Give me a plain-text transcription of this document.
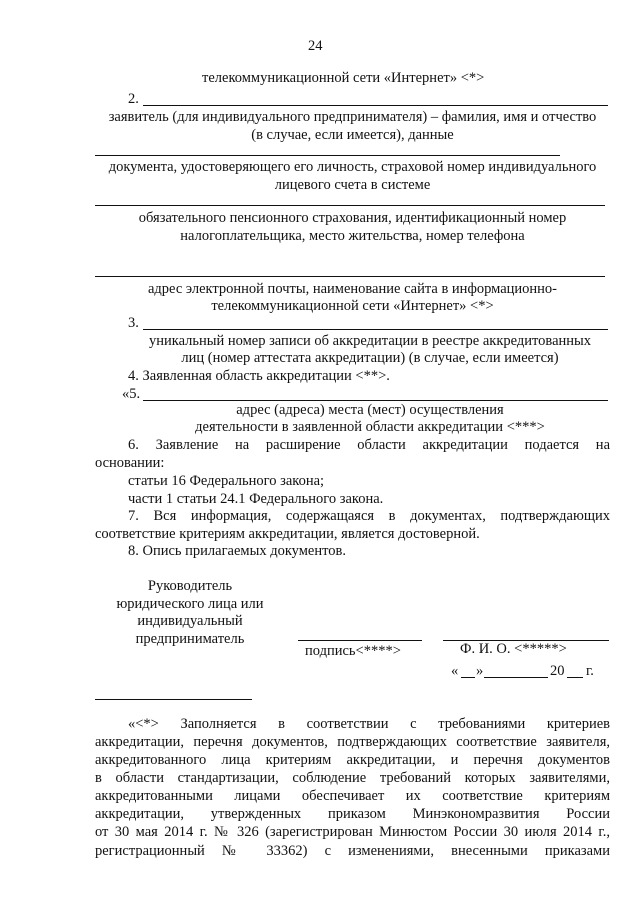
24
телекоммуникационной сети «Интернет» <*>
2.
заявитель (для индивидуального предпринимателя) – фамилия, имя и отчество
(в случае, если имеется), данные
документа, удостоверяющего его личность, страховой номер индивидуального
лицевого счета в системе
обязательного пенсионного страхования, идентификационный номер
налогоплательщика, место жительства, номер телефона
адрес электронной почты, наименование сайта в информационно-
телекоммуникационной сети «Интернет» <*>
3.
уникальный номер записи об аккредитации в реестре аккредитованных
лиц (номер аттестата аккредитации) (в случае, если имеется)
4. Заявленная область аккредитации <**>.
«5.
адрес (адреса) места (мест) осуществления
деятельности в заявленной области аккредитации <***>
6. Заявление на расширение области аккредитации подается на
основании:
статьи 16 Федерального закона;
части 1 статьи 24.1 Федерального закона.
7. Вся информация, содержащаяся в документах, подтверждающих
соответствие критериям аккредитации, является достоверной.
8. Опись прилагаемых документов.
Руководитель
юридического лица или
индивидуальный
предприниматель
подпись<****>	Ф. И. О. <*****>
« »	20 г.
«<*> Заполняется в соответствии с требованиями критериев
аккредитации, перечня документов, подтверждающих соответствие заявителя,
аккредитованного лица критериям аккредитации, и перечня документов
в области стандартизации, соблюдение требований которых заявителями,
аккредитованными лицами обеспечивает их соответствие критериям
аккредитации, утвержденных приказом Минэкономразвития России
от 30 мая 2014 г. № 326 (зарегистрирован Минюстом России 30 июля 2014 г.,
регистрационный № 33362) с изменениями, внесенными приказами
